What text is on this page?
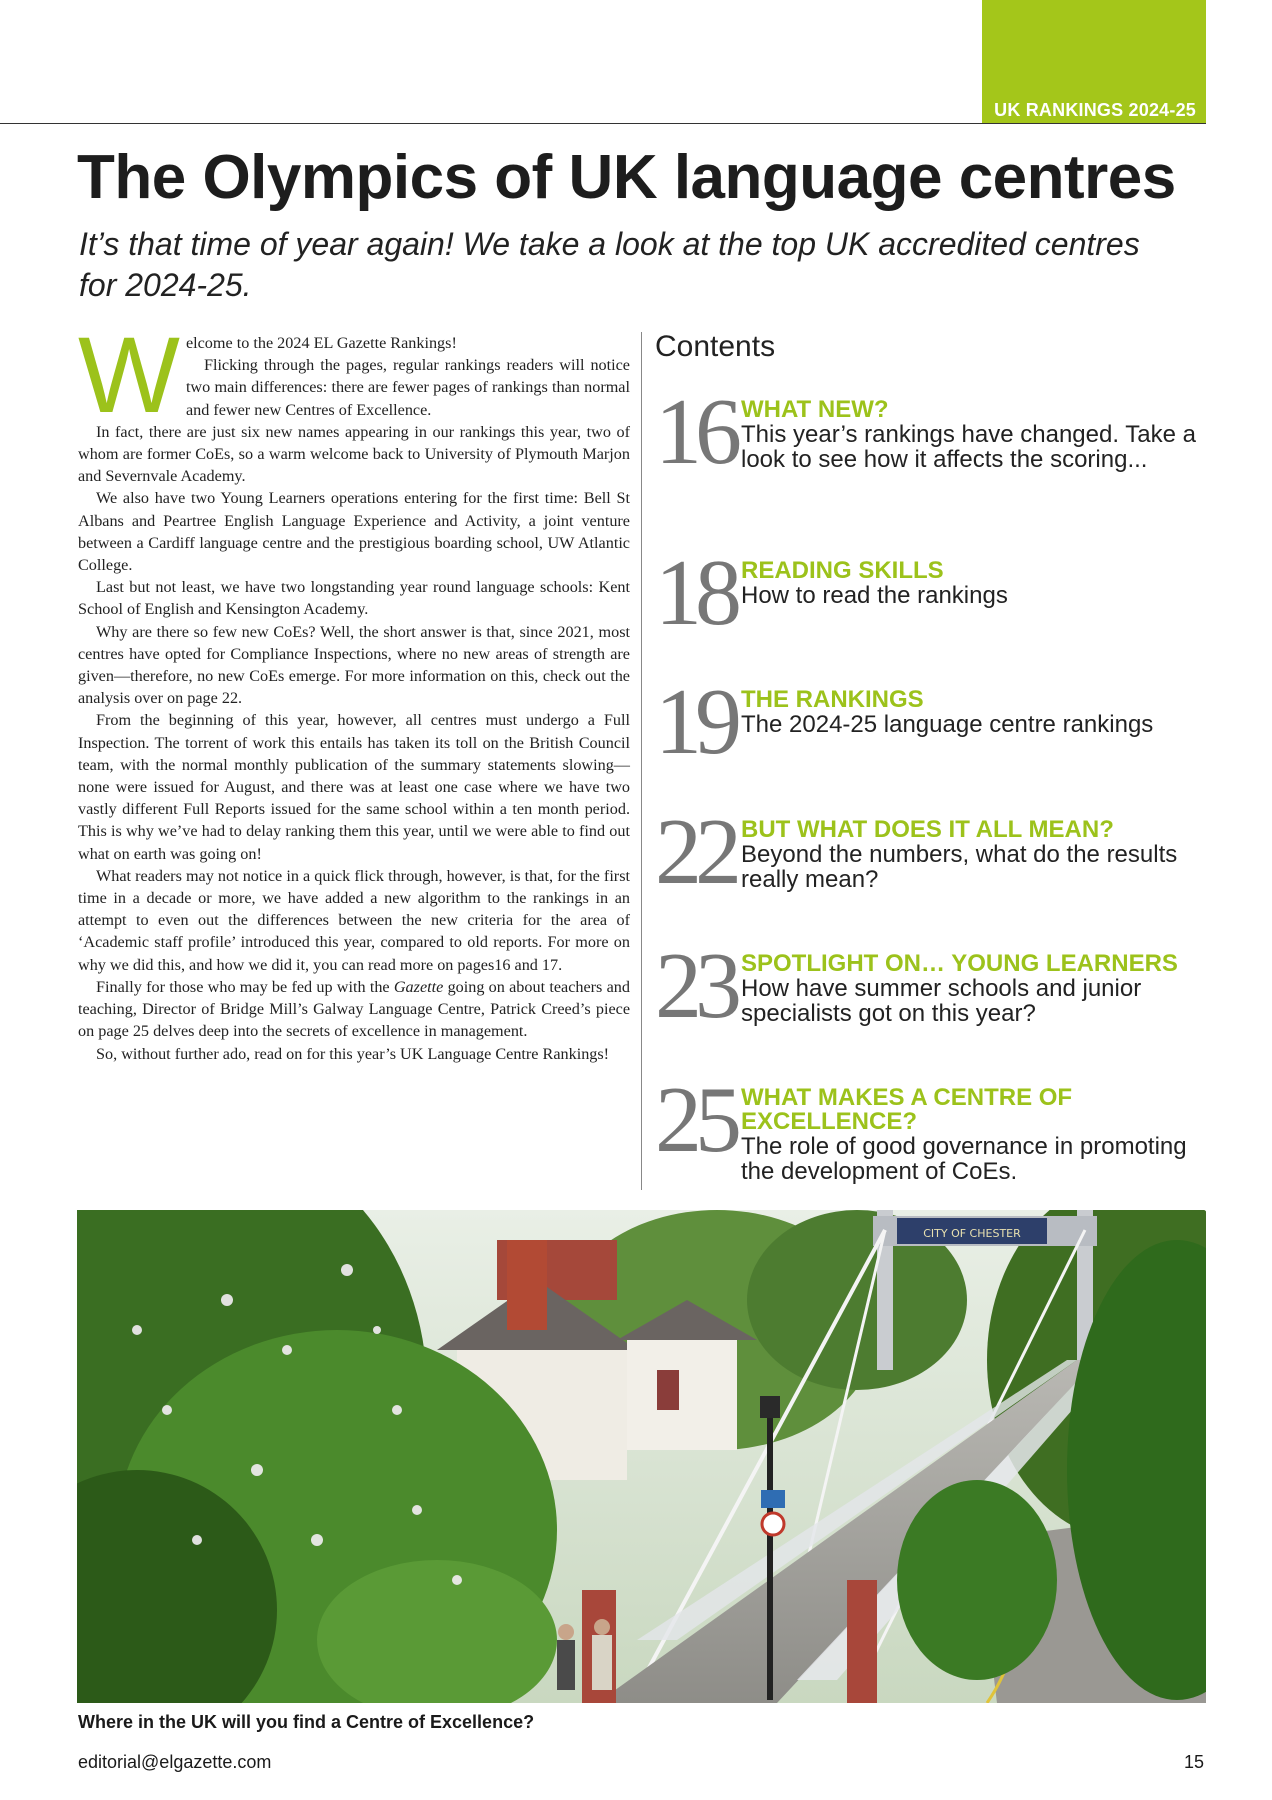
UK RANKINGS 2024-25
The Olympics of UK language centres
It’s that time of year again! We take a look at the top UK accredited centres for 2024-25.

Welcome to the 2024 EL Gazette Rankings!

Flicking through the pages, regular rankings readers will notice two main differences: there are fewer pages of rankings than normal and fewer new Centres of Excellence.

In fact, there are just six new names appearing in our rankings this year, two of whom are former CoEs, so a warm welcome back to University of Plymouth Marjon and Severnvale Academy.

We also have two Young Learners operations entering for the first time: Bell St Albans and Peartree English Language Experience and Activity, a joint venture between a Cardiff language centre and the prestigious boarding school, UW Atlantic College.

Last but not least, we have two longstanding year round language schools: Kent School of English and Kensington Academy.

Why are there so few new CoEs? Well, the short answer is that, since 2021, most centres have opted for Compliance Inspections, where no new areas of strength are given—therefore, no new CoEs emerge. For more information on this, check out the analysis over on page 22.

From the beginning of this year, however, all centres must undergo a Full Inspection. The torrent of work this entails has taken its toll on the British Council team, with the normal monthly publication of the summary statements slowing—none were issued for August, and there was at least one case where we have two vastly different Full Reports issued for the same school within a ten month period. This is why we’ve had to delay ranking them this year, until we were able to find out what on earth was going on!

What readers may not notice in a quick flick through, however, is that, for the first time in a decade or more, we have added a new algorithm to the rankings in an attempt to even out the differences between the new criteria for the area of ‘Academic staff profile’ introduced this year, compared to old reports. For more on why we did this, and how we did it, you can read more on pages16 and 17.

Finally for those who may be fed up with the Gazette going on about teachers and teaching, Director of Bridge Mill’s Galway Language Centre, Patrick Creed’s piece on page 25 delves deep into the secrets of excellence in management.

So, without further ado, read on for this year’s UK Language Centre Rankings!

Contents
16 WHAT NEW?
This year’s rankings have changed. Take a look to see how it affects the scoring...
18 READING SKILLS
How to read the rankings
19 THE RANKINGS
The 2024-25 language centre rankings
22 BUT WHAT DOES IT ALL MEAN?
Beyond the numbers, what do the results really mean?
23 SPOTLIGHT ON… YOUNG LEARNERS
How have summer schools and junior specialists got on this year?
25 WHAT MAKES A CENTRE OF EXCELLENCE?
The role of good governance in promoting the development of CoEs.
CITY OF CHESTER
Where in the UK will you find a Centre of Excellence?
editorial@elgazette.com	15
